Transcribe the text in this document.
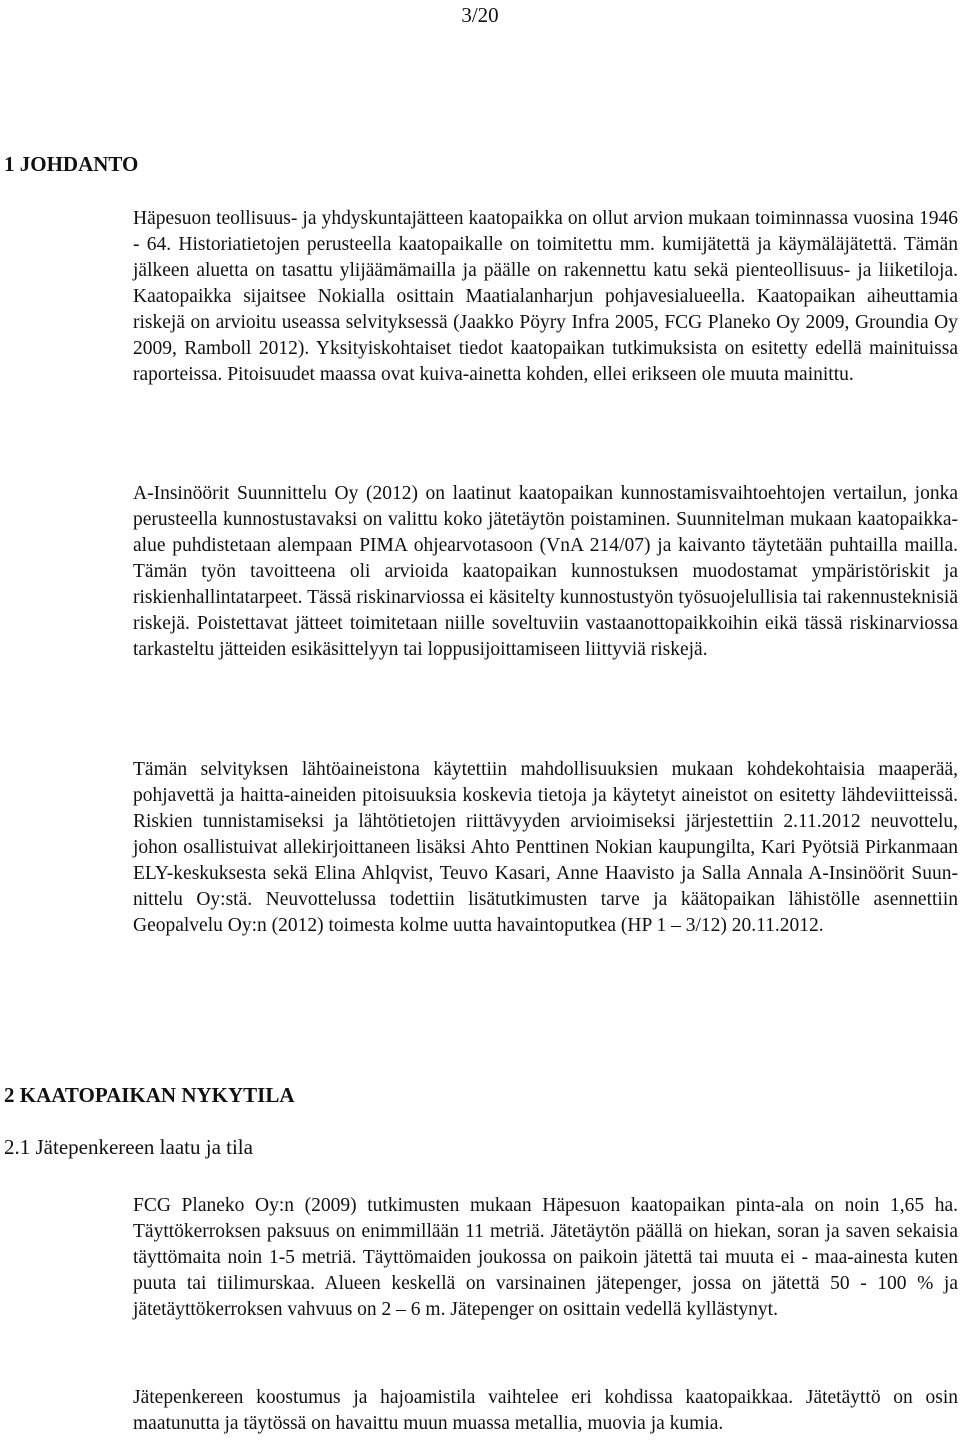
3/20
1 JOHDANTO

Häpesuon teollisuus- ja yhdyskuntajätteen kaatopaikka on ollut arvion mukaan toiminnassa vuosina 1946 - 64. Historiatietojen perusteella kaatopaikalle on toimitettu mm. kumijätettä ja käymäläjätettä. Tämän jälkeen aluetta on tasattu ylijäämämailla ja päälle on rakennettu katu sekä pienteollisuus- ja liiketiloja. Kaatopaikka sijaitsee Nokialla osittain Maatialanharjun pohjavesialueella. Kaatopaikan aiheuttamia riskejä on arvioitu useassa selvityksessä (Jaakko Pöyry Infra 2005, FCG Planeko Oy 2009, Groundia Oy 2009, Ramboll 2012). Yksityiskohtaiset tiedot kaatopaikan tutkimuksista on esitetty edellä mainituissa raporteissa. Pitoisuudet maassa ovat kuiva-ainetta kohden, ellei erikseen ole muuta mainittu.

A-Insinöörit Suunnittelu Oy (2012) on laatinut kaatopaikan kunnostamisvaihtoehtojen vertailun, jonka perusteella kunnostustavaksi on valittu koko jätetäytön poistaminen. Suunnitelman mukaan kaatopaikka-alue puhdistetaan alempaan PIMA ohjearvotasoon (VnA 214/07) ja kaivanto täytetään puhtailla mailla. Tämän työn tavoitteena oli arvioida kaatopaikan kunnostuksen muodostamat ympäristöriskit ja riskienhallintatarpeet. Tässä riskinarviossa ei käsitelty kunnostustyön työsuojelullisia tai rakennusteknisiä riskejä. Poistettavat jätteet toimitetaan niille soveltuviin vastaanottopaikkoihin eikä tässä riskinarviossa tarkasteltu jätteiden esikäsittelyyn tai loppusijoittamiseen liittyviä riskejä.

Tämän selvityksen lähtöaineistona käytettiin mahdollisuuksien mukaan kohdekohtaisia maaperää, pohjavettä ja haitta-aineiden pitoisuuksia koskevia tietoja ja käytetyt aineistot on esitetty lähdeviitteissä. Riskien tunnistamiseksi ja lähtötietojen riittävyyden arvioimiseksi järjestettiin 2.11.2012 neuvottelu, johon osallistuivat allekirjoittaneen lisäksi Ahto Penttinen Nokian kaupungilta, Kari Pyötsiä Pirkanmaan ELY-keskuksesta sekä Elina Ahlqvist, Teuvo Kasari, Anne Haavisto ja Salla Annala A-Insinöörit Suunnittelu Oy:stä. Neuvottelussa todettiin lisätutkimusten tarve ja käätopaikan lähistölle asennettiin Geopalvelu Oy:n (2012) toimesta kolme uutta havaintoputkea (HP 1 – 3/12) 20.11.2012.

2 KAATOPAIKAN NYKYTILA
2.1 Jätepenkereen laatu ja tila

FCG Planeko Oy:n (2009) tutkimusten mukaan Häpesuon kaatopaikan pinta-ala on noin 1,65 ha. Täyttökerroksen paksuus on enimmillään 11 metriä. Jätetäytön päällä on hiekan, soran ja saven sekaisia täyttömaita noin 1-5 metriä. Täyttömaiden joukossa on paikoin jätettä tai muuta ei - maa-ainesta kuten puuta tai tiilimurskaa. Alueen keskellä on varsinainen jätepenger, jossa on jätettä 50 - 100 % ja jätetäyttökerroksen vahvuus on 2 – 6 m. Jätepenger on osittain vedellä kyllästynyt.

Jätepenkereen koostumus ja hajoamistila vaihtelee eri kohdissa kaatopaikkaa. Jätetäyttö on osin maatunutta ja täytössä on havaittu muun muassa metallia, muovia ja kumia.
